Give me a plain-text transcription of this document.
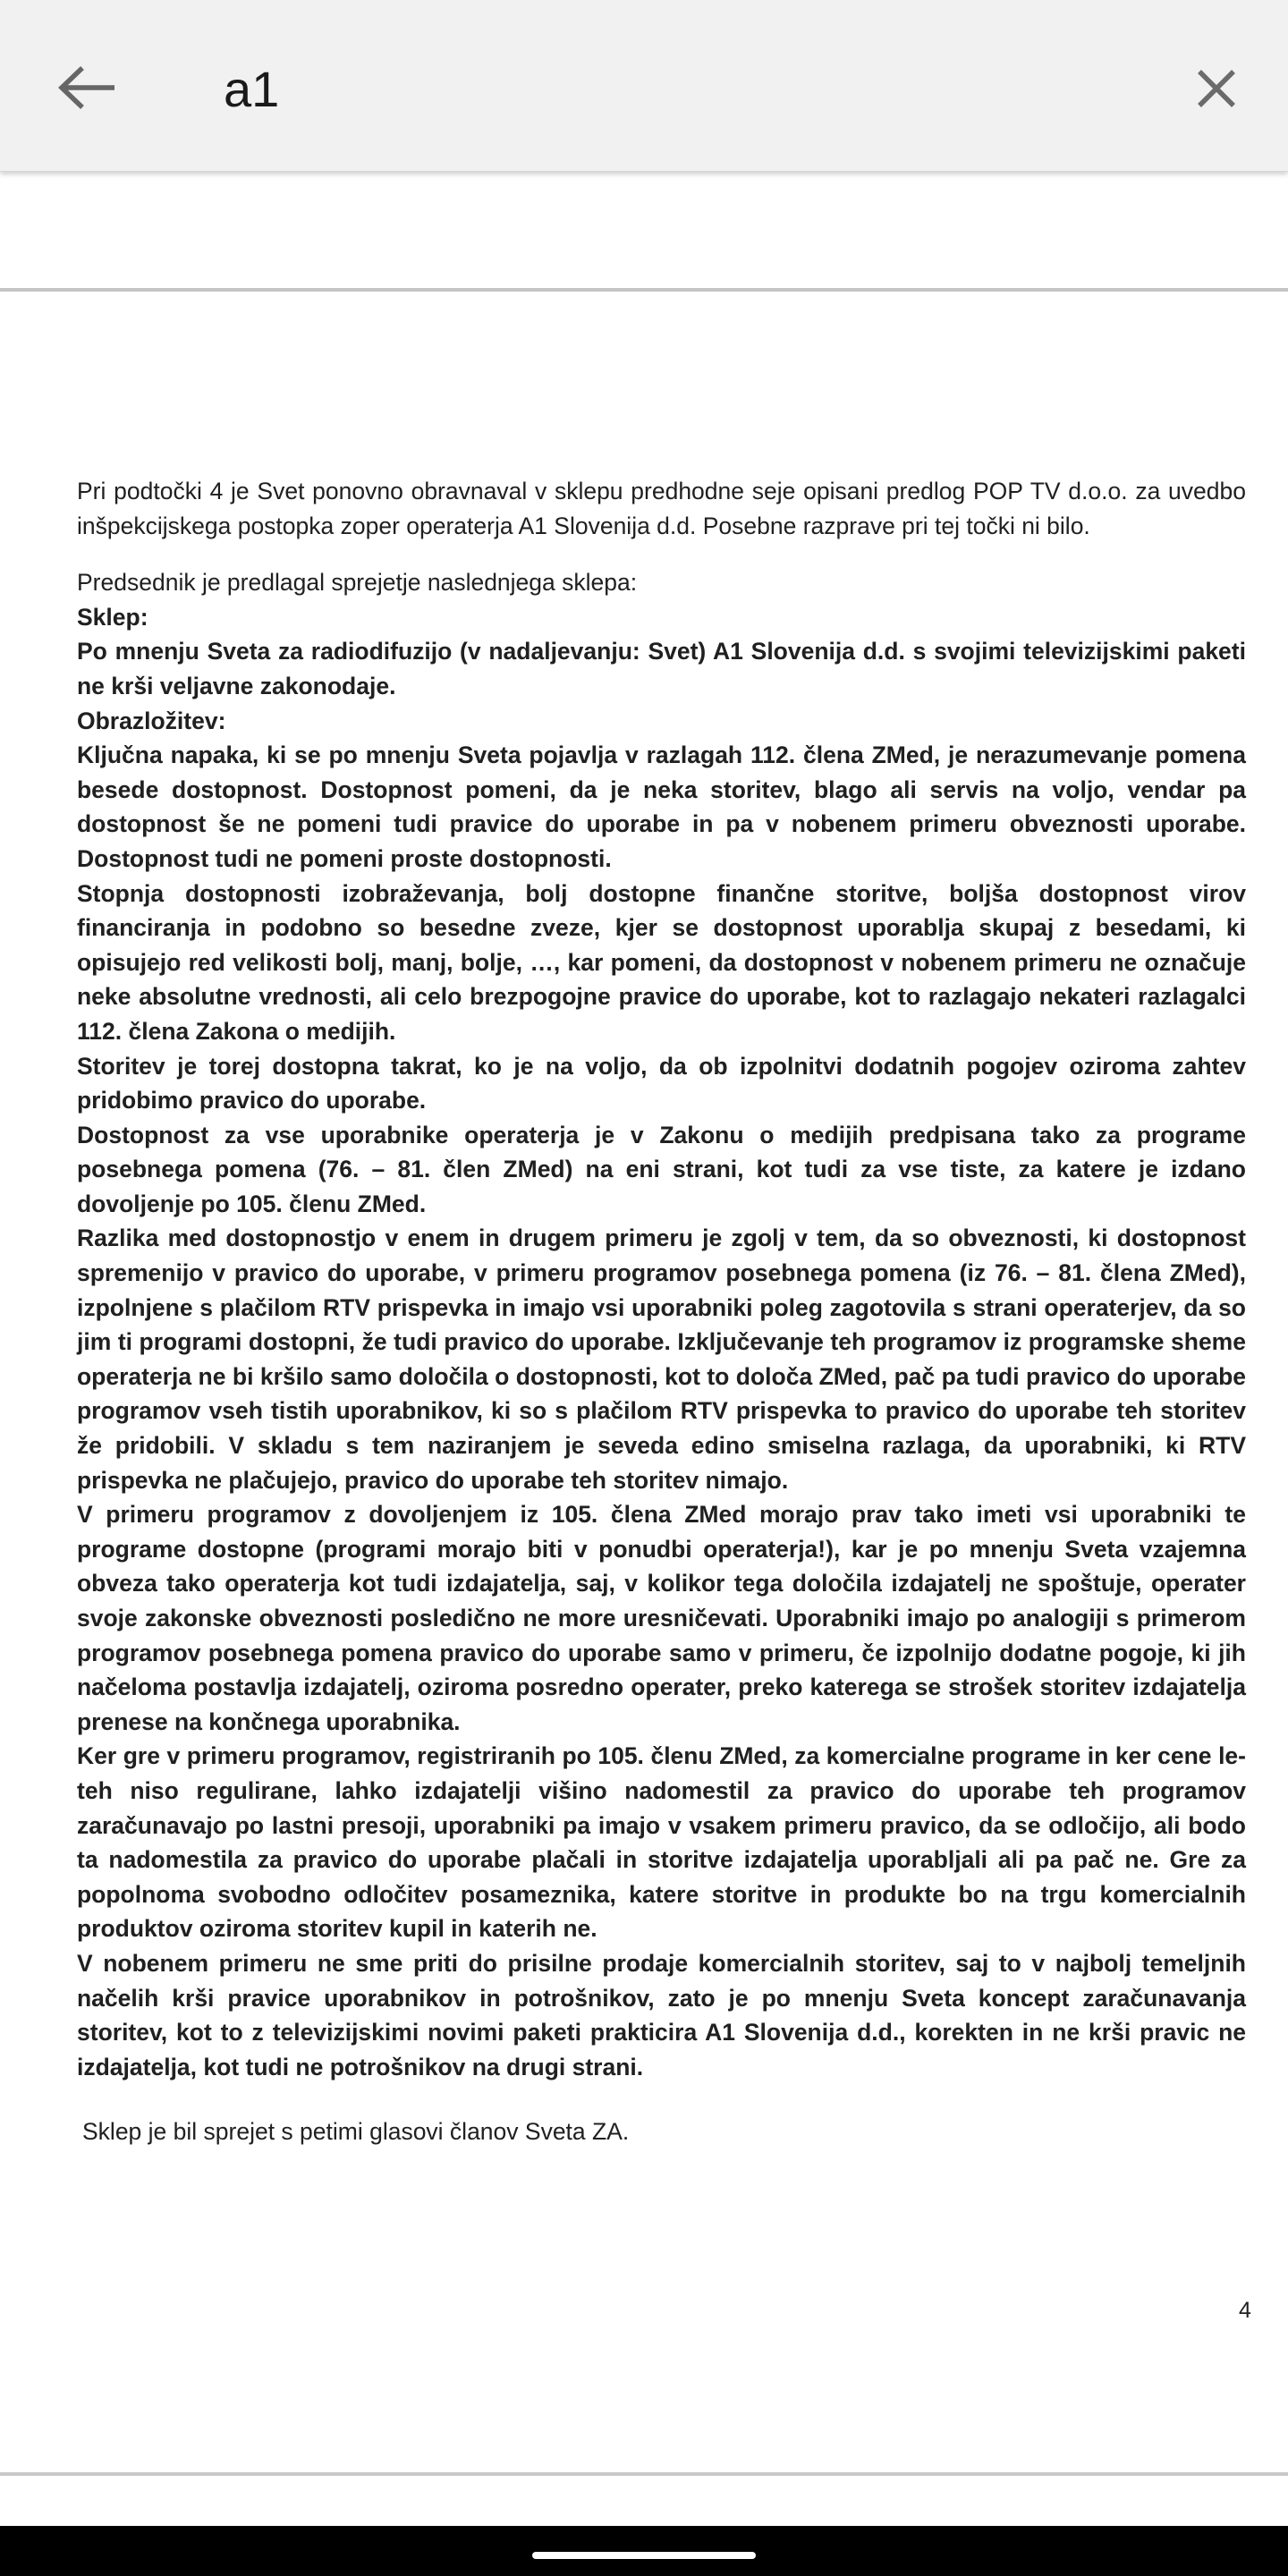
a1

Pri podtočki 4 je Svet ponovno obravnaval v sklepu predhodne seje opisani predlog POP TV d.o.o. za uvedbo inšpekcijskega postopka zoper operaterja A1 Slovenija d.d. Posebne razprave pri tej točki ni bilo.

Predsednik je predlagal sprejetje naslednjega sklepa:

Sklep:

Po mnenju Sveta za radiodifuzijo (v nadaljevanju: Svet) A1 Slovenija d.d. s svojimi televizijskimi paketi ne krši veljavne zakonodaje.

Obrazložitev:

Ključna napaka, ki se po mnenju Sveta pojavlja v razlagah 112. člena ZMed, je nerazumevanje pomena besede dostopnost. Dostopnost pomeni, da je neka storitev, blago ali servis na voljo, vendar pa dostopnost še ne pomeni tudi pravice do uporabe in pa v nobenem primeru obveznosti uporabe. Dostopnost tudi ne pomeni proste dostopnosti.

Stopnja dostopnosti izobraževanja, bolj dostopne finančne storitve, boljša dostopnost virov financiranja in podobno so besedne zveze, kjer se dostopnost uporablja skupaj z besedami, ki opisujejo red velikosti bolj, manj, bolje, …, kar pomeni, da dostopnost v nobenem primeru ne označuje neke absolutne vrednosti, ali celo brezpogojne pravice do uporabe, kot to razlagajo nekateri razlagalci 112. člena Zakona o medijih.

Storitev je torej dostopna takrat, ko je na voljo, da ob izpolnitvi dodatnih pogojev oziroma zahtev pridobimo pravico do uporabe.

Dostopnost za vse uporabnike operaterja je v Zakonu o medijih predpisana tako za programe posebnega pomena (76. – 81. člen ZMed) na eni strani, kot tudi za vse tiste, za katere je izdano dovoljenje po 105. členu ZMed.

Razlika med dostopnostjo v enem in drugem primeru je zgolj v tem, da so obveznosti, ki dostopnost spremenijo v pravico do uporabe, v primeru programov posebnega pomena (iz 76. – 81. člena ZMed), izpolnjene s plačilom RTV prispevka in imajo vsi uporabniki poleg zagotovila s strani operaterjev, da so jim ti programi dostopni, že tudi pravico do uporabe. Izključevanje teh programov iz programske sheme operaterja ne bi kršilo samo določila o dostopnosti, kot to določa ZMed, pač pa tudi pravico do uporabe programov vseh tistih uporabnikov, ki so s plačilom RTV prispevka to pravico do uporabe teh storitev že pridobili. V skladu s tem naziranjem je seveda edino smiselna razlaga, da uporabniki, ki RTV prispevka ne plačujejo, pravico do uporabe teh storitev nimajo.

V primeru programov z dovoljenjem iz 105. člena ZMed morajo prav tako imeti vsi uporabniki te programe dostopne (programi morajo biti v ponudbi operaterja!), kar je po mnenju Sveta vzajemna obveza tako operaterja kot tudi izdajatelja, saj, v kolikor tega določila izdajatelj ne spoštuje, operater svoje zakonske obveznosti posledično ne more uresničevati. Uporabniki imajo po analogiji s primerom programov posebnega pomena pravico do uporabe samo v primeru, če izpolnijo dodatne pogoje, ki jih načeloma postavlja izdajatelj, oziroma posredno operater, preko katerega se strošek storitev izdajatelja prenese na končnega uporabnika.

Ker gre v primeru programov, registriranih po 105. členu ZMed, za komercialne programe in ker cene le-teh niso regulirane, lahko izdajatelji višino nadomestil za pravico do uporabe teh programov zaračunavajo po lastni presoji, uporabniki pa imajo v vsakem primeru pravico, da se odločijo, ali bodo ta nadomestila za pravico do uporabe plačali in storitve izdajatelja uporabljali ali pa pač ne. Gre za popolnoma svobodno odločitev posameznika, katere storitve in produkte bo na trgu komercialnih produktov oziroma storitev kupil in katerih ne.

V nobenem primeru ne sme priti do prisilne prodaje komercialnih storitev, saj to v najbolj temeljnih načelih krši pravice uporabnikov in potrošnikov, zato je po mnenju Sveta koncept zaračunavanja storitev, kot to z televizijskimi novimi paketi prakticira A1 Slovenija d.d., korekten in ne krši pravic ne izdajatelja, kot tudi ne potrošnikov na drugi strani.

Sklep je bil sprejet s petimi glasovi članov Sveta ZA.

4
